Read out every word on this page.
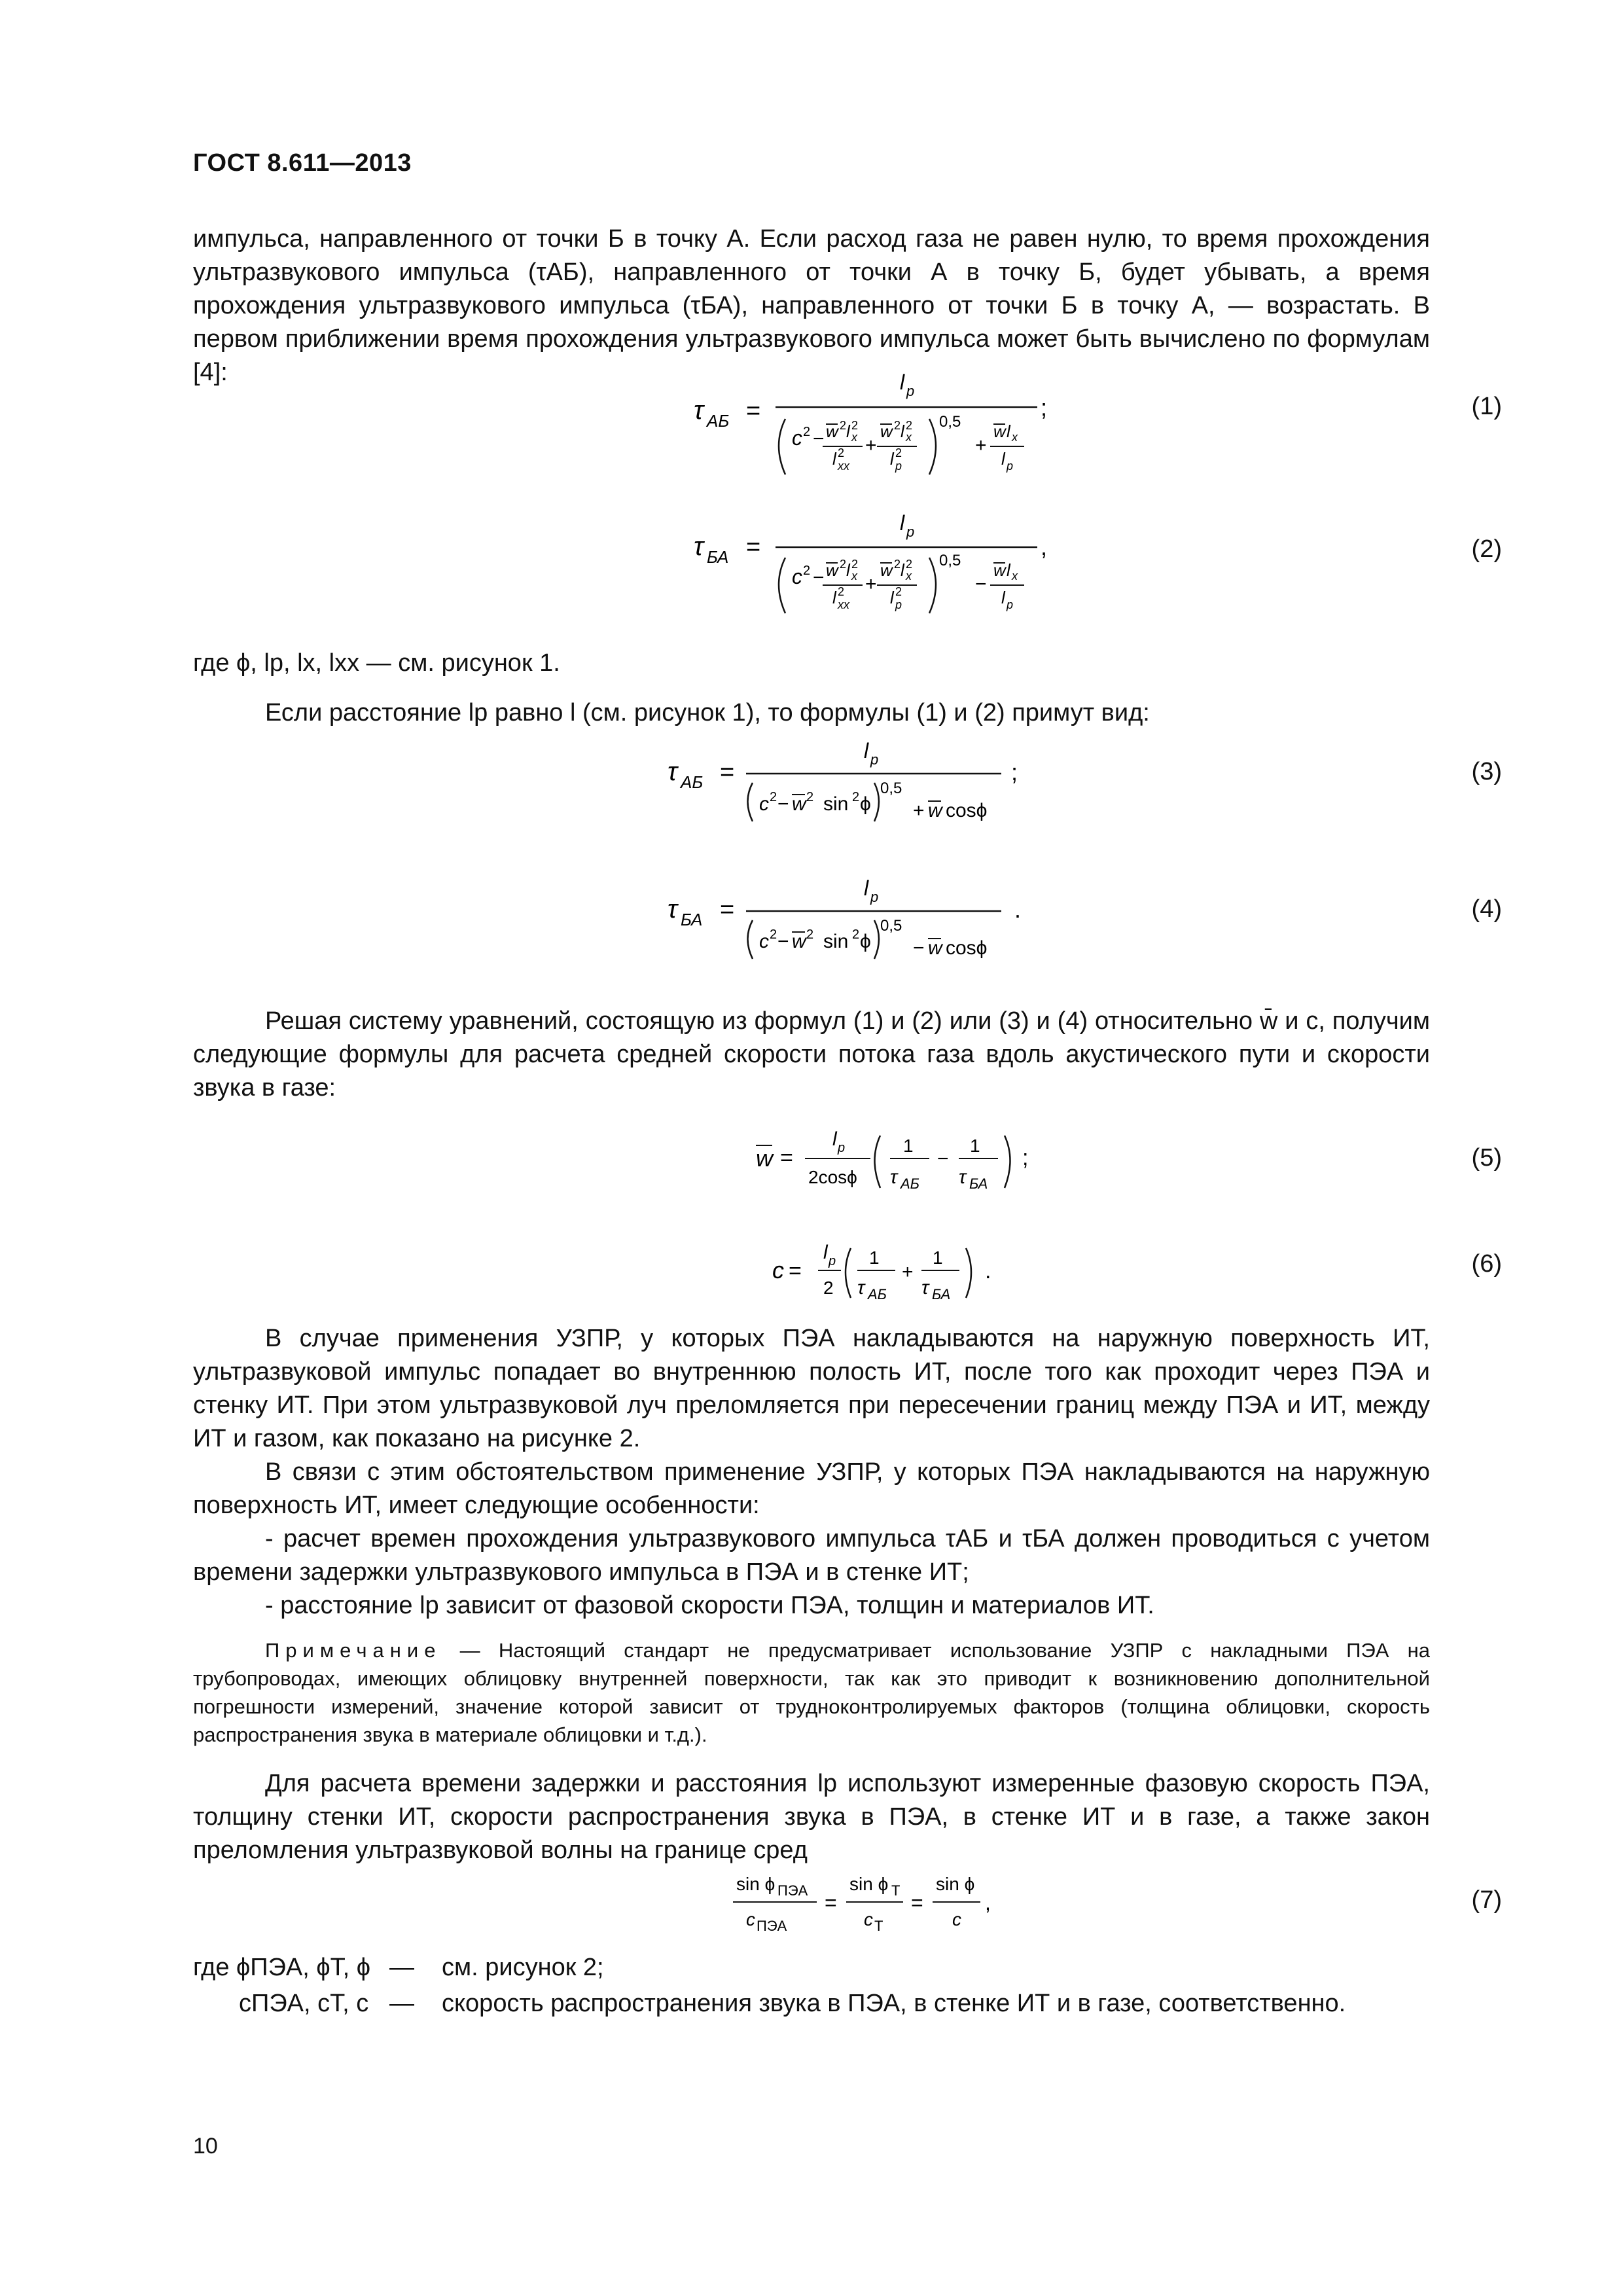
ГОСТ 8.611—2013
импульса, направленного от точки Б в точку А. Если расход газа не равен нулю, то время прохождения ультразвукового импульса (τАБ), направленного от точки А в точку Б, будет убывать, а время прохождения ультразвукового импульса (τБА), направленного от точки Б в точку А, — возрастать. В первом приближении время прохождения ультразвукового импульса может быть вычислено по формулам [4]:
τ АБ =
l p
;
c 2 − w 2 l 2
x
l 2
xx
+
w 2 l 2
x
l 2
p
0,5
+
w l x
l p
(1)
τ БА =
l p
,
c 2 − w 2 l 2
x
l 2
xx
+
w 2 l 2
x
l 2
p
0,5
−
w l x
l p
(2)
где ϕ, lp, lx, lxx — см. рисунок 1.
Если расстояние lp равно l (см. рисунок 1), то формулы (1) и (2) примут вид:
τ АБ =
l p	;
c 2 − w 2 sin 2 ϕ
0,5
+ w cosϕ
(3)
τ БА =
l p	.
c 2 − w 2 sin 2 ϕ
0,5
− w cosϕ
(4)
Решая систему уравнений, состоящую из формул (1) и (2) или (3) и (4) относительно w̄ и c, получим следующие формулы для расчета средней скорости потока газа вдоль акустического пути и скорости звука в газе:
w =
l p
2cosϕ
1
τ АБ
−
1
τ БА
;	(5)
c =
l p
2
1
τ АБ
+
1
τ БА
.	(6)
В случае применения УЗПР, у которых ПЭА накладываются на наружную поверхность ИТ, ультразвуковой импульс попадает во внутреннюю полость ИТ, после того как проходит через ПЭА и стенку ИТ. При этом ультразвуковой луч преломляется при пересечении границ между ПЭА и ИТ, между ИТ и газом, как показано на рисунке 2.
В связи с этим обстоятельством применение УЗПР, у которых ПЭА накладываются на наружную поверхность ИТ, имеет следующие особенности:
- расчет времен прохождения ультразвукового импульса τАБ и τБА должен проводиться с учетом времени задержки ультразвукового импульса в ПЭА и в стенке ИТ;
- расстояние lp зависит от фазовой скорости ПЭА, толщин и материалов ИТ.
Примечание — Настоящий стандарт не предусматривает использование УЗПР с накладными ПЭА на трубопроводах, имеющих облицовку внутренней поверхности, так как это приводит к возникновению дополнительной погрешности измерений, значение которой зависит от трудноконтролируемых факторов (толщина облицовки, скорость распространения звука в материале облицовки и т.д.).
Для расчета времени задержки и расстояния lp используют измеренные фазовую скорость ПЭА, толщину стенки ИТ, скорости распространения звука в ПЭА, в стенке ИТ и в газе, а также закон преломления ультразвуковой волны на границе сред
sin ϕ ПЭА
c ПЭА
=
sin ϕ Т
c Т
=
sin ϕ
c
,	(7)
где ϕПЭА, ϕТ, ϕ — см. рисунок 2;
cПЭА, cТ, c — скорость распространения звука в ПЭА, в стенке ИТ и в газе, соответственно.
10
